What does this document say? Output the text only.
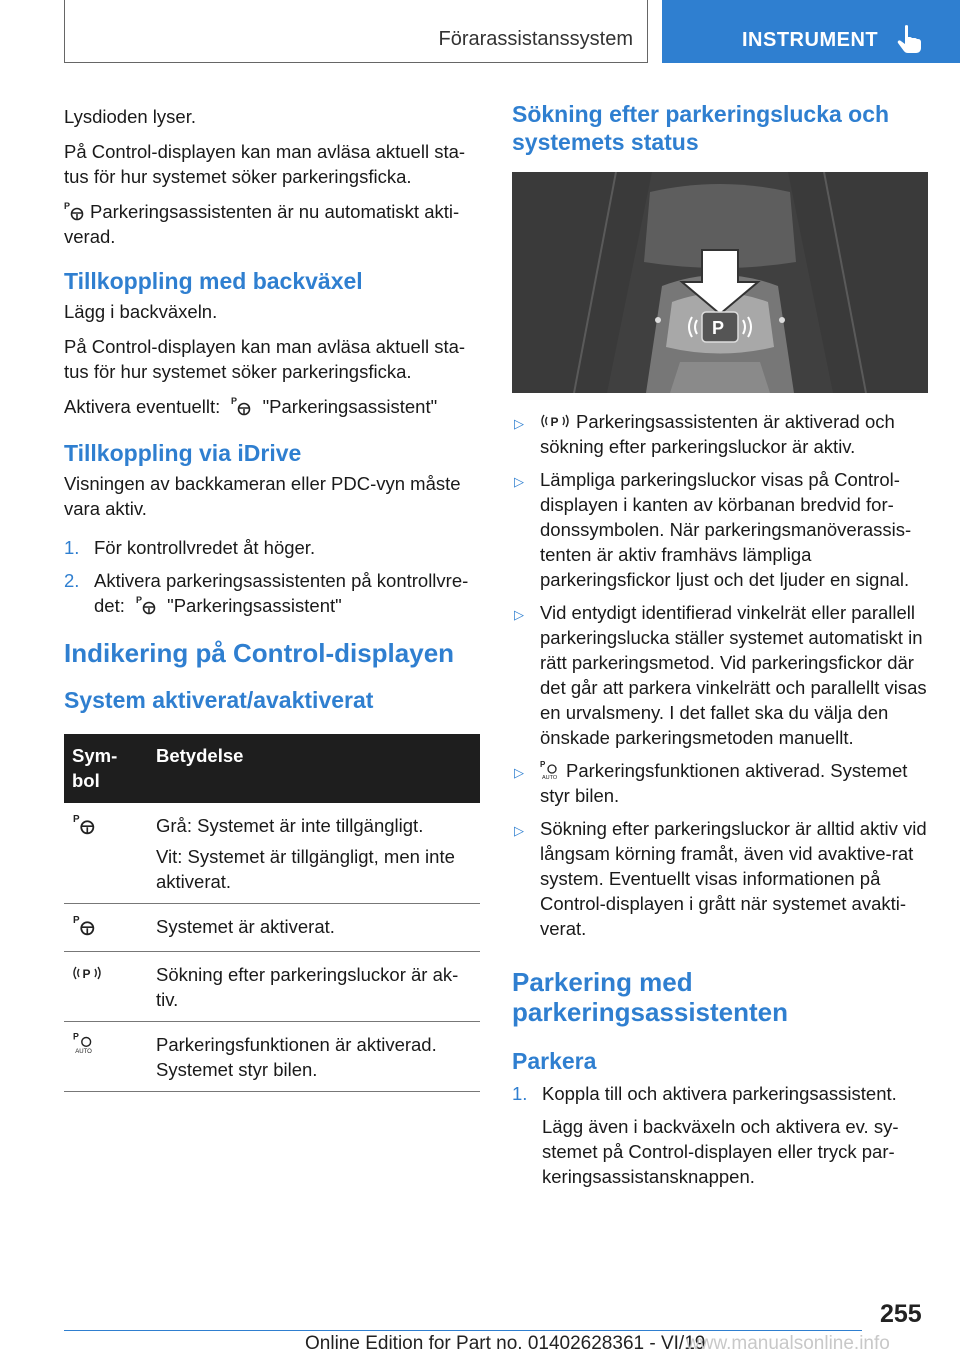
Förarassistanssystem	INSTRUMENT

Lysdioden lyser.

På Control-displayen kan man avläsa aktuell sta-tus för hur systemet söker parkeringsficka.

P Parkeringsassistenten är nu automatiskt akti-verad.

Tillkoppling med backväxel

Lägg i backväxeln.

På Control-displayen kan man avläsa aktuell sta-tus för hur systemet söker parkeringsficka.

Aktivera eventuellt: P "Parkeringsassistent"

Tillkoppling via iDrive

Visningen av backkameran eller PDC-vyn måste vara aktiv.

1. För kontrollvredet åt höger.
2. Aktivera parkeringsassistenten på kontrollvre-det: P "Parkeringsassistent"
Indikering på Control-displayen
System aktiverat/avaktiverat
Sym-bol	Betydelse

P	Grå: Systemet är inte tillgängligt.

Vit: Systemet är tillgängligt, men inte aktiverat.

P	Systemet är aktiverat.

P	Sökning efter parkeringsluckor är ak-tiv.

P
AUTO	Parkeringsfunktionen är aktiverad. Systemet styr bilen.

Sökning efter parkeringslucka och systemets status
P
▷ P Parkeringsassistenten är aktiverad och sökning efter parkeringsluckor är aktiv.
▷ Lämpliga parkeringsluckor visas på Control-displayen i kanten av körbanan bredvid for-donssymbolen. När parkeringsmanöverassis-tenten är aktiv framhävs lämpliga parkeringsfickor ljust och det ljuder en signal.
▷ Vid entydigt identifierad vinkelrät eller parallell parkeringslucka ställer systemet automatiskt in rätt parkeringsmetod. Vid parkeringsfickor där det går att parkera vinkelrätt och parallellt visas en urvalsmeny. I det fallet ska du välja den önskade parkeringsmetoden manuellt.
▷
P
AUTO Parkeringsfunktionen aktiverad. Systemet styr bilen.
▷ Sökning efter parkeringsluckor är alltid aktiv vid långsam körning framåt, även vid avaktive-rat system. Eventuellt visas informationen på Control-displayen i grått när systemet avakti-verat.
Parkering med parkeringsassistenten
Parkera
1. Koppla till och aktivera parkeringsassistent.

Lägg även i backväxeln och aktivera ev. sy-stemet på Control-displayen eller tryck par-keringsassistansknappen.

255
Online Edition for Part no. 01402628361 - VI/19
www.manualsonline.info
